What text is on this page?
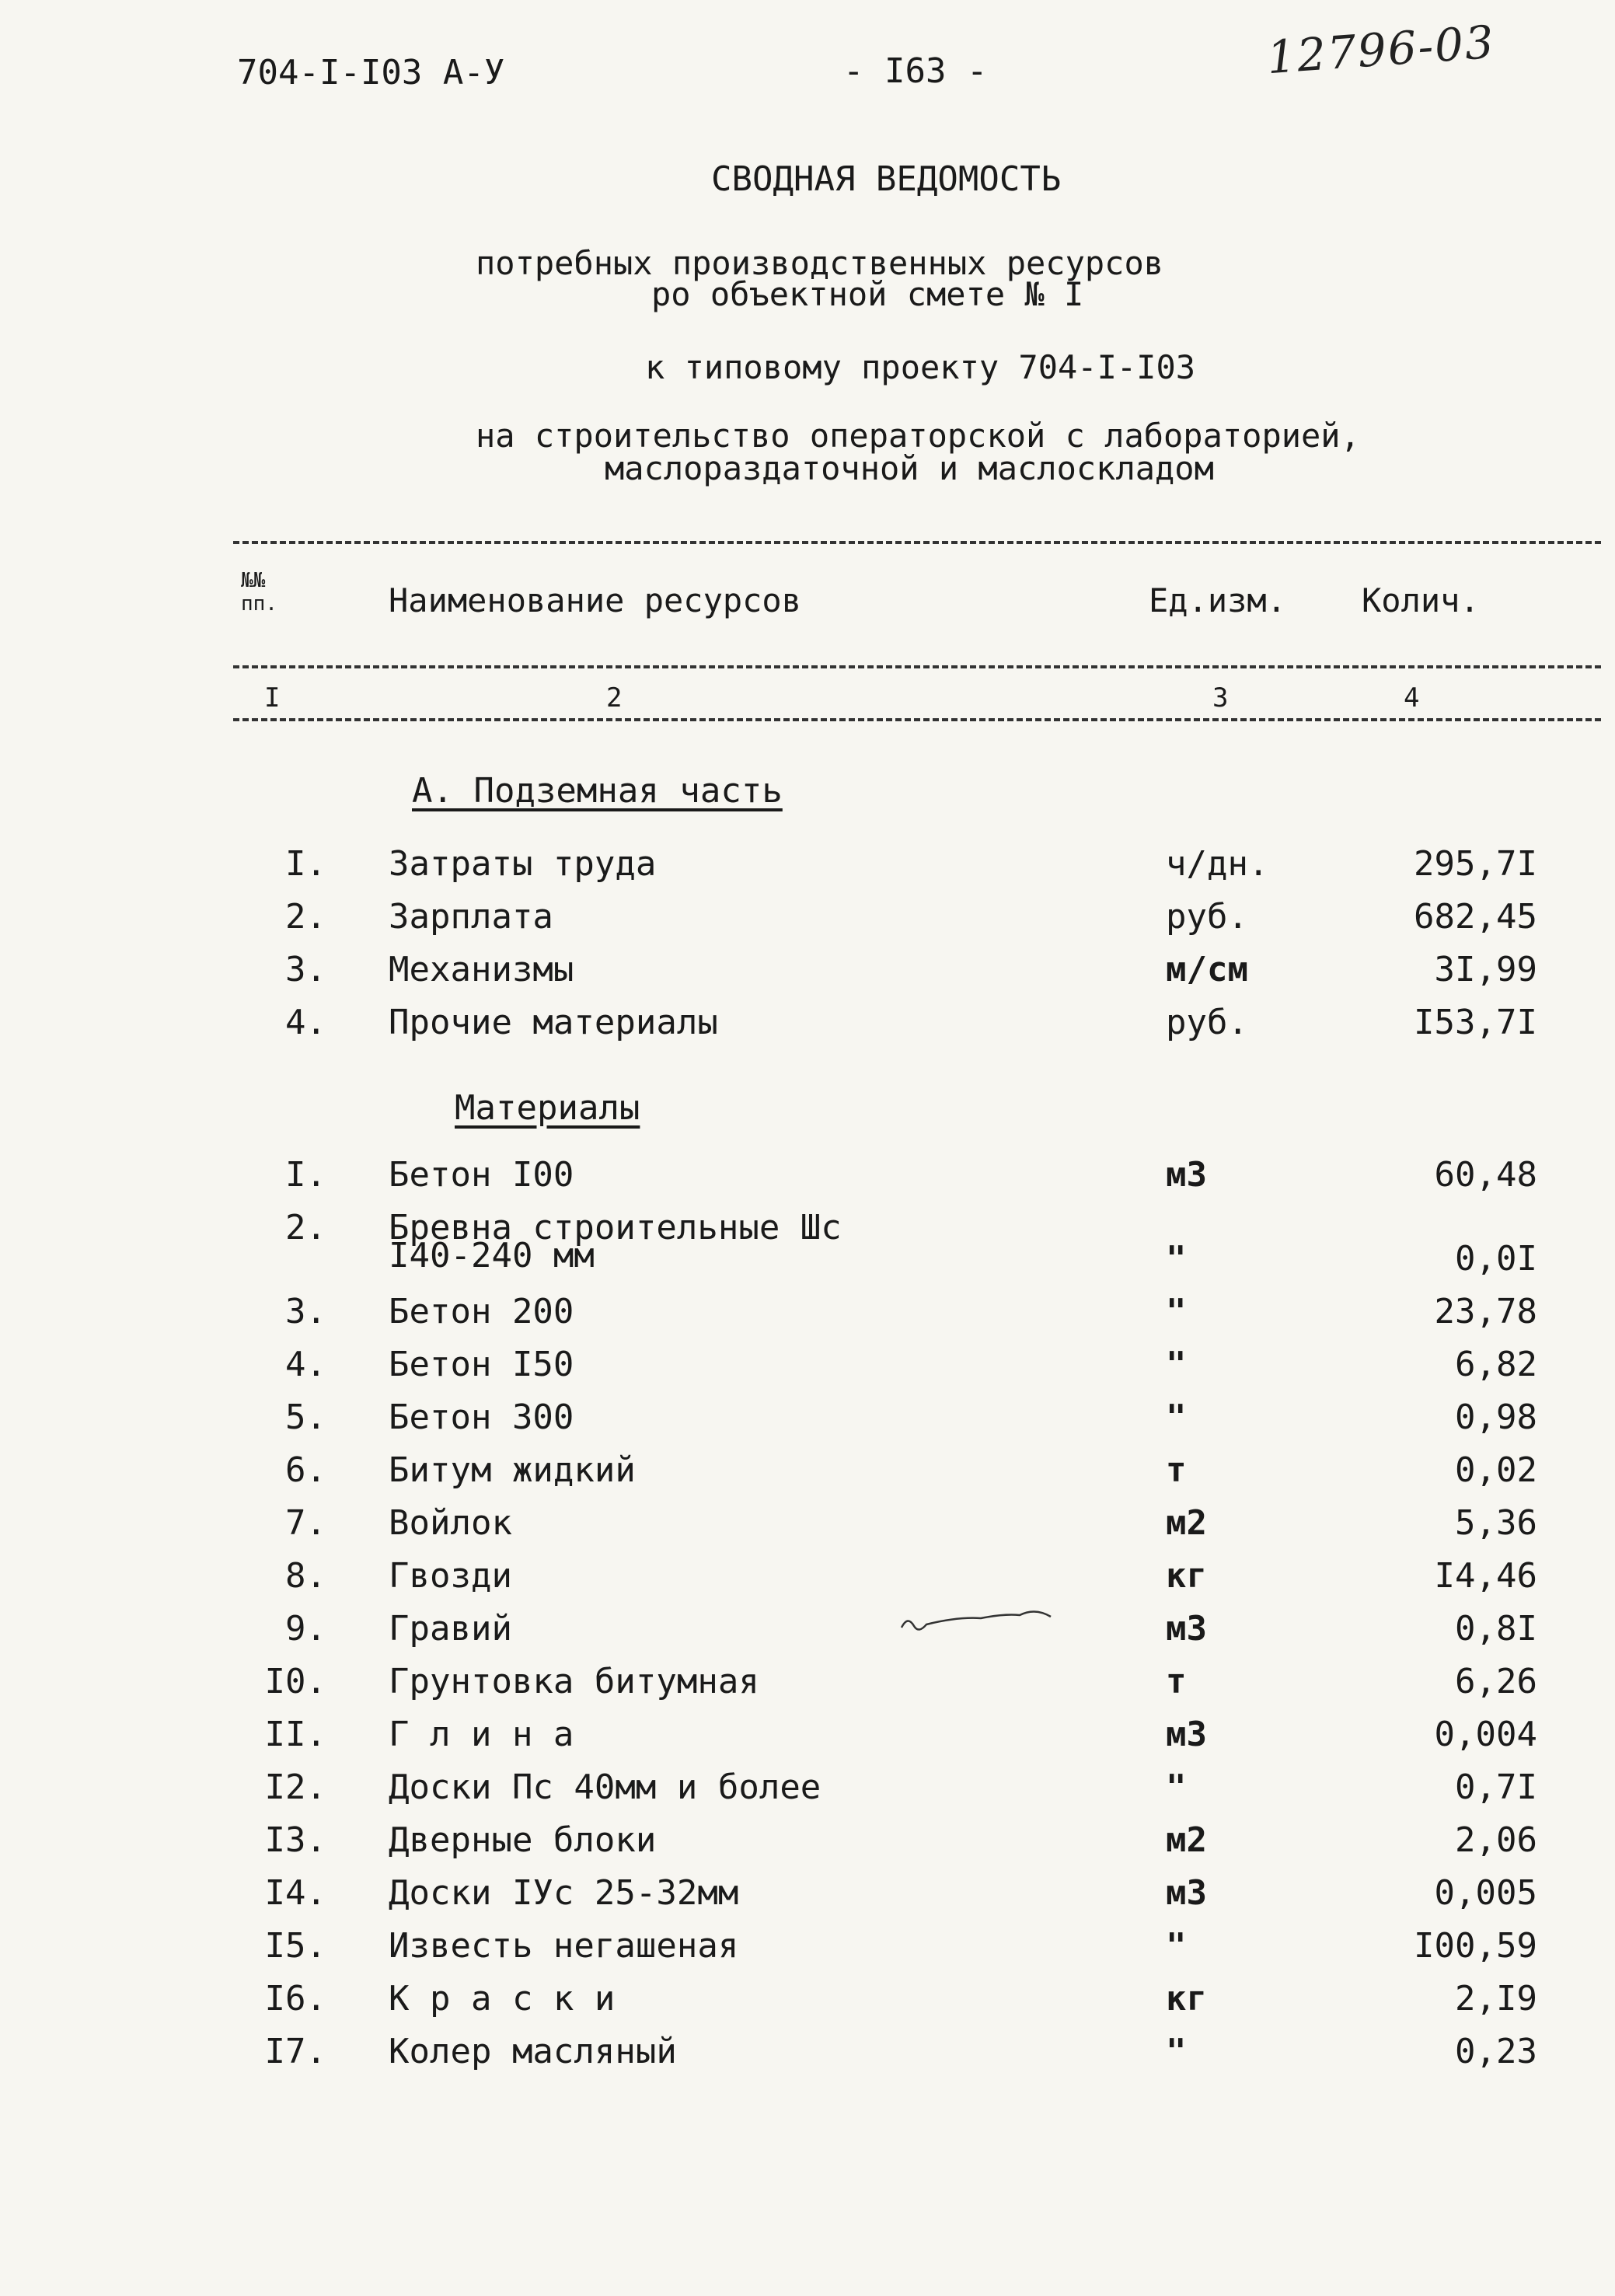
704-I-I03 А-У	- I63 -	12796-03
СВОДНАЯ ВЕДОМОСТЬ
потребных производственных ресурсов
ро объектной смете № I
к типовому проекту 704-I-I03
на строительство операторской с лабораторией,
маслораздаточной и маслоскладом
№№ пп.	Наименование ресурсов	Ед.изм. Колич.
I	2	3	4
А. Подземная часть
I. Затраты труда	ч/дн.	295,7I
2. Зарплата	руб.	682,45
3. Механизмы	м/см	3I,99
4. Прочие материалы	руб.	I53,7I
Материалы
I. Бетон I00	м3	60,48
2. Бревна строительные Шс
I40-240 мм	"	0,0I
3. Бетон 200	"	23,78
4. Бетон I50	"	6,82
5. Бетон 300	"	0,98
6. Битум жидкий	т	0,02
7. Войлок	м2	5,36
8. Гвозди	кг	I4,46
9. Гравий	м3	0,8I
I0. Грунтовка битумная	т	6,26
II. Г л и н а	м3	0,004
I2. Доски Пс 40мм и более	"	0,7I
I3. Дверные блоки	м2	2,06
I4. Доски IУс 25-32мм	м3	0,005
I5. Известь негашеная	"	I00,59
I6. К р а с к и	кг	2,I9
I7. Колер масляный	"	0,23
